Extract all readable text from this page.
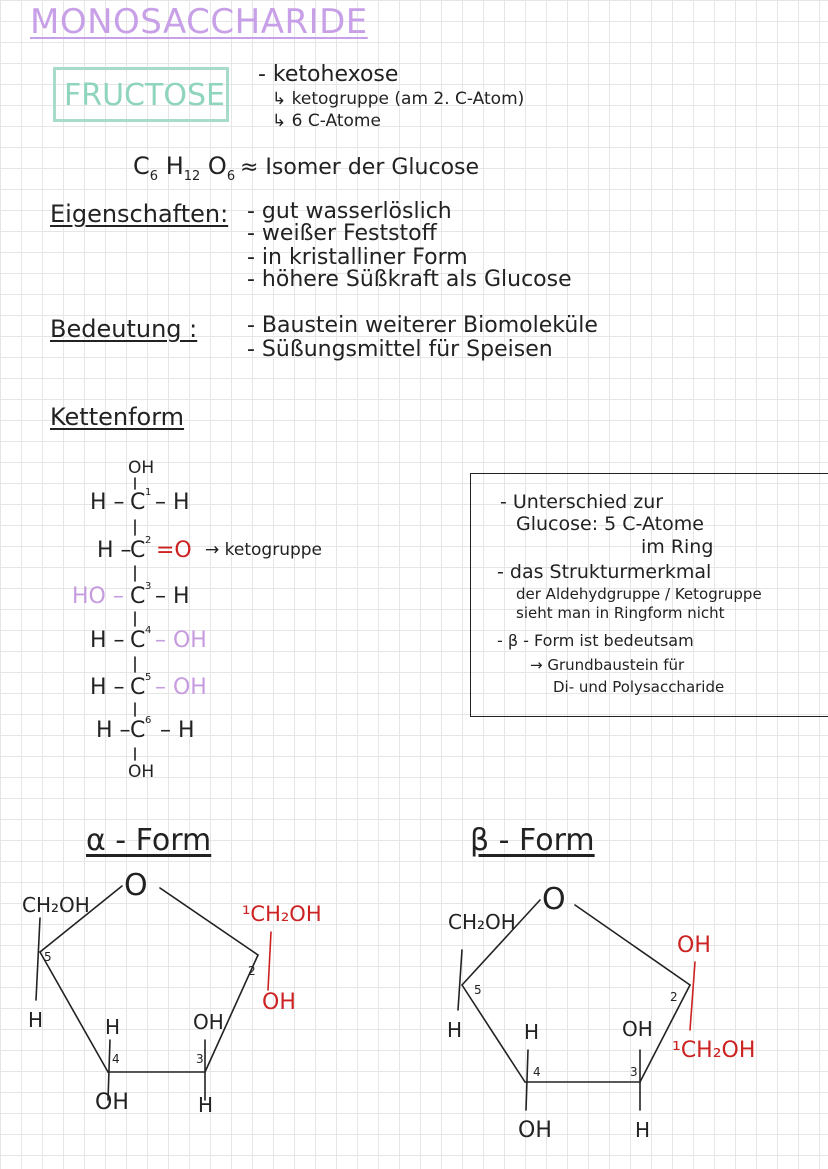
MONOSACCHARIDE
FRUCTOSE
- ketohexose
↳ ketogruppe (am 2. C-Atom)
↳ 6 C-Atome
$C_6$ $H_{12}$ $O_6$ ≈ Isomer der Glucose
Eigenschaften: - gut wasserlöslich
- weißer Feststoff
- in kristalliner Form
- höhere Süßkraft als Glucose
Bedeutung : - Baustein weiterer Biomoleküle
- Süßungsmittel für Speisen
Kettenform
OH
H – C 1 – H
H –
C 2 =O → ketogruppe
HO – C 3 – H
H – C 4 – OH
H – C 5 – OH
H – C 6 – H
OH
- Unterschied zur
Glucose: 5 C-Atome
im Ring
- das Strukturmerkmal
der Aldehydgruppe / Ketogruppe
sieht man in Ringform nicht
- β - Form ist bedeutsam
→ Grundbaustein für
Di- und Polysaccharide
α - Form	β - Form
O
CH₂OH
5
H	H	OH
4	3
OH	H
2
¹CH₂OH
OH
O
CH₂OH
5
H	H	OH
4	3
OH	H
2
OH
¹CH₂OH
